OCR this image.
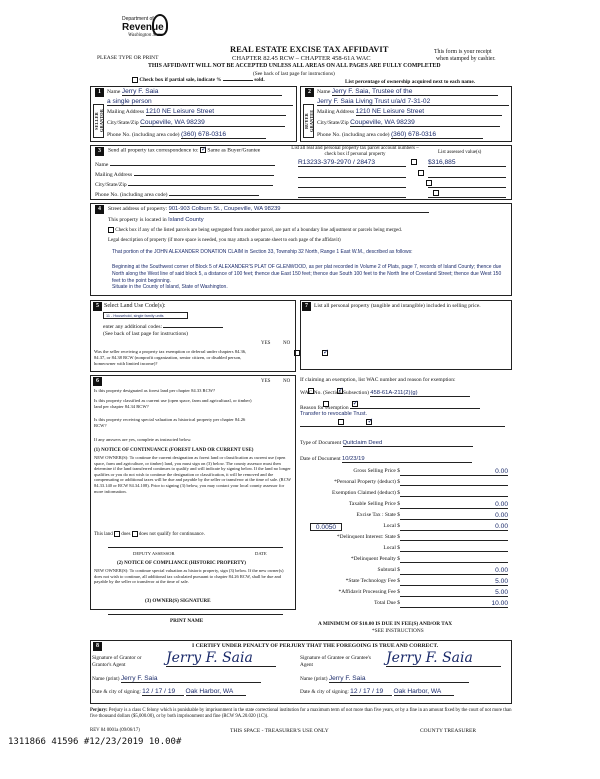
Department of
Revenue
Washington State
REAL ESTATE EXCISE TAX AFFIDAVIT
CHAPTER 82.45 RCW – CHAPTER 458-61A WAC
THIS AFFIDAVIT WILL NOT BE ACCEPTED UNLESS ALL AREAS ON ALL PAGES ARE FULLY COMPLETED
PLEASE TYPE OR PRINT
This form is your receipt
when stamped by cashier.
(See back of last page for instructions)
Check box if partial sale, indicate %	sold.	List percentage of ownership acquired next to each name.
1
SELLER GRANTOR
Name Jerry F. Saia
a single person
Mailing Address 1210 NE Leisure Street
City/State/Zip Coupeville, WA 98239
Phone No. (including area code) (360) 678-0316
2
BUYER GRANTEE
Name Jerry F. Saia, Trustee of the
Jerry F. Saia Living Trust u/a/d 7-31-02
Mailing Address 1210 NE Leisure Street
City/State/Zip Coupeville, WA 98239
Phone No. (including area code) (360) 678-0316
3	Send all property tax correspondence to: ✓ Same as Buyer/Grantee
Name
Mailing Address
City/State/Zip
Phone No. (including area code)
List all real and personal property tax parcel account numbers – check box if personal property	List assessed value(s)
R13233-379-2970 / 28473
	$316,885

4	Street address of property: 901-903 Colburn St., Coupeville, WA 98239
This property is located in Island County
Check box if any of the listed parcels are being segregated from another parcel, are part of a boundary line adjustment or parcels being merged.
Legal description of property (if more space is needed, you may attach a separate sheet to each page of the affidavit)
That portion of the JOHN ALEXANDER DONATION CLAIM in Section 33, Township 32 North, Range 1 East W.M., described as follows:
Beginning at the Southwest corner of Block 5 of ALEXANDER'S PLAT OF GLENWOOD, as per plat recorded in Volume 2 of Plats, page 7, records of Island County; thence due North along the West line of said block 5, a distance of 100 feet; thence due East 150 feet; thence due South 100 feet to the North line of Coveland Street; thence due West 150 feet to the point beginning.
Situate in the County of Island, State of Washington.
5 Select Land Use Code(s):
11 - Household, single family units
enter any additional codes:
(See back of last page for instructions)
YES	NO
Was the seller receiving a property tax exemption or deferral under chapters 84.36, 84.37, or 84.38 RCW (nonprofit organization, senior citizen, or disabled person, homeowner with limited income)?
✓
6	YES	NO
Is this property designated as forest land per chapter 84.33 RCW?
✓
Is this property classified as current use (open space, farm and agricultural, or timber) land per chapter 84.34 RCW?
✓
Is this property receiving special valuation as historical property per chapter 84.26 RCW?
✓
If any answers are yes, complete as instructed below.
(1) NOTICE OF CONTINUANCE (FOREST LAND OR CURRENT USE)
NEW OWNER(S): To continue the current designation as forest land or classification as current use (open space, farm and agriculture, or timber) land, you must sign on (3) below. The county assessor must then determine if the land transferred continues to qualify and will indicate by signing below. If the land no longer qualifies or you do not wish to continue the designation or classification, it will be removed and the compensating or additional taxes will be due and payable by the seller or transferor at the time of sale. (RCW 84.33.140 or RCW 84.34.108). Prior to signing (3) below, you may contact your local county assessor for more information.
This land does does not qualify for continuance.
DEPUTY ASSESSOR	DATE
(2) NOTICE OF COMPLIANCE (HISTORIC PROPERTY)
NEW OWNER(S): To continue special valuation as historic property, sign (3) below. If the new owner(s) does not wish to continue, all additional tax calculated pursuant to chapter 84.26 RCW, shall be due and payable by the seller or transferor at the time of sale.
(3) OWNER(S) SIGNATURE
PRINT NAME
7	List all personal property (tangible and intangible) included in selling price.
If claiming an exemption, list WAC number and reason for exemption:
WAC No. (Section/Subsection) 458-61A-211(2)(g)
Reason for exemption
Transfer to revocable Trust.
Type of Document Quitclaim Deed
Date of Document 10/23/19
Gross Selling Price $	0.00
*Personal Property (deduct) $
Exemption Claimed (deduct) $
Taxable Selling Price $	0.00
Excise Tax : State $	0.00
0.0050	Local $	0.00
*Delinquent Interest: State $
Local $
*Delinquent Penalty $
Subtotal $	0.00
*State Technology Fee $	5.00
*Affidavit Processing Fee $	5.00
Total Due $	10.00
A MINIMUM OF $10.00 IS DUE IN FEE(S) AND/OR TAX
*SEE INSTRUCTIONS
8	I CERTIFY UNDER PENALTY OF PERJURY THAT THE FOREGOING IS TRUE AND CORRECT.
Signature of Grantor or Grantor's Agent	Jerry F. Saia
Name (print) Jerry F. Saia
Date & city of signing: 12 / 17 / 19 Oak Harbor, WA
Signature of Grantee or Grantee's Agent	Jerry F. Saia
Name (print) Jerry F. Saia
Date & city of signing: 12 / 17 / 19 Oak Harbor, WA
Perjury: Perjury is a class C felony which is punishable by imprisonment in the state correctional institution for a maximum term of not more than five years, or by a fine in an amount fixed by the court of not more than five thousand dollars ($5,000.00), or by both imprisonment and fine (RCW 9A.20.020 (1C)).
REV 84 0001a (09/06/17)	THIS SPACE - TREASURER'S USE ONLY	COUNTY TREASURER
1311866 41596 #12/23/2019 10.00#
